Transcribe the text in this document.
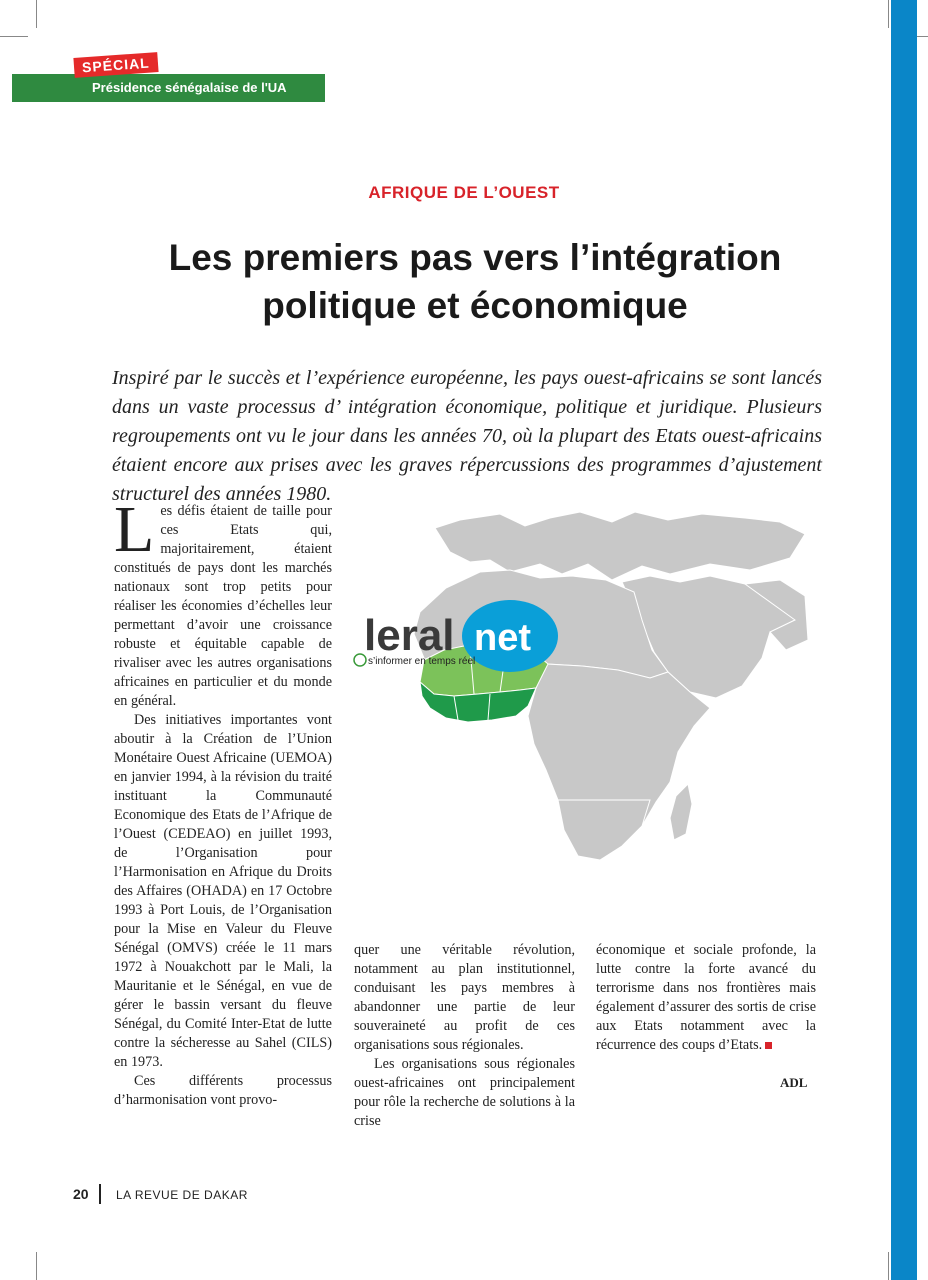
SPÉCIAL
Présidence sénégalaise de l'UA
AFRIQUE DE L’OUEST
Les premiers pas vers l’intégration
politique et économique

Inspiré par le succès et l’expérience européenne, les pays ouest-africains se sont lancés dans un vaste processus d’ intégration économique, politique et juridique. Plusieurs regroupements ont vu le jour dans les années 70, où la plupart des Etats ouest-africains étaient encore aux prises avec les graves répercussions des programmes d’ajustement structurel des années 1980.

Les défis étaient de taille pour ces Etats qui, majoritairement, étaient constitués de pays dont les marchés nationaux sont trop petits pour réaliser les économies d’échelles leur permettant d’avoir une croissance robuste et équitable capable de rivaliser avec les autres organisations africaines en particulier et du monde en général.

Des initiatives importantes vont aboutir à la Création de l’Union Monétaire Ouest Africaine (UEMOA) en janvier 1994, à la révision du traité instituant la Communauté Economique des Etats de l’Afrique de l’Ouest (CEDEAO) en juillet 1993, de l’Organisation pour l’Harmonisation en Afrique du Droits des Affaires (OHADA) en 17 Octobre 1993 à Port Louis, de l’Organisation pour la Mise en Valeur du Fleuve Sénégal (OMVS) créée le 11 mars 1972 à Nouakchott par le Mali, la Mauritanie et le Sénégal, en vue de gérer le bassin versant du fleuve Sénégal, du Comité Inter-Etat de lutte contre la sécheresse au Sahel (CILS) en 1973.

Ces différents processus d’harmonisation vont provo-

quer une véritable révolution, notamment au plan institutionnel, conduisant les pays membres à abandonner une partie de leur souveraineté au profit de ces organisations sous régionales.

Les organisations sous régionales ouest-africaines ont principalement pour rôle la recherche de solutions à la crise

économique et sociale profonde, la lutte contre la forte avancé du terrorisme dans nos frontières mais également d’assurer des sortis de crise aux Etats notamment avec la récurrence des coups d’Etats.

ADL
leral net
s’informer en temps réel
20 LA REVUE DE DAKAR
